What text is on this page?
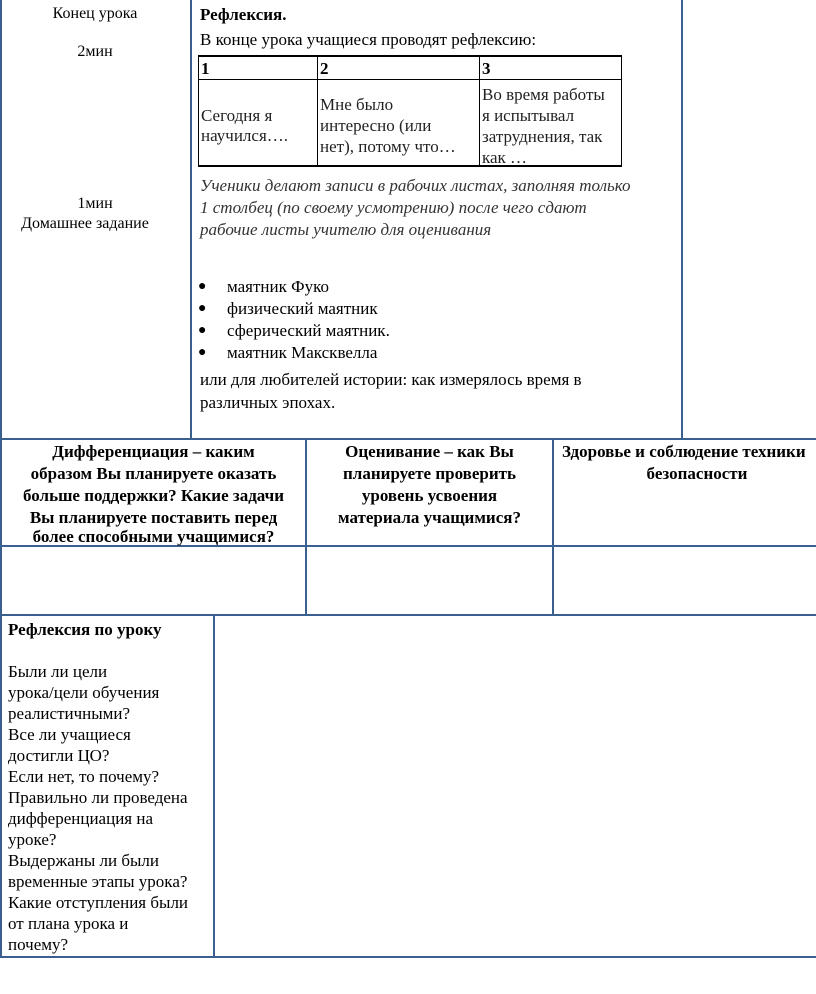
Конец урока
2мин
1мин
Домашнее задание
Рефлексия.
В конце урока учащиеся проводят рефлексию:
1	2	3
Сегодня я
научился….
Мне было
интересно (или
нет), потому что…
Во время работы
я испытывал
затруднения, так
как …
Ученики делают записи в рабочих листах, заполняя только
1 столбец (по своему усмотрению) после чего сдают
рабочие листы учителю для оценивания
● маятник Фуко
● физический маятник
● сферический маятник.
● маятник Максквелла
или для любителей истории: как измерялось время в
различных эпохах.
Дифференциация – каким
образом Вы планируете оказать
больше поддержки? Какие задачи
Вы планируете поставить перед
более способными учащимися?
Оценивание – как Вы
планируете проверить
уровень усвоения
материала учащимися?
Здоровье и соблюдение техники
безопасности
Рефлексия по уроку
Были ли цели
урока/цели обучения
реалистичными?
Все ли учащиеся
достигли ЦО?
Если нет, то почему?
Правильно ли проведена
дифференциация на
уроке?
Выдержаны ли были
временные этапы урока?
Какие отступления были
от плана урока и
почему?
